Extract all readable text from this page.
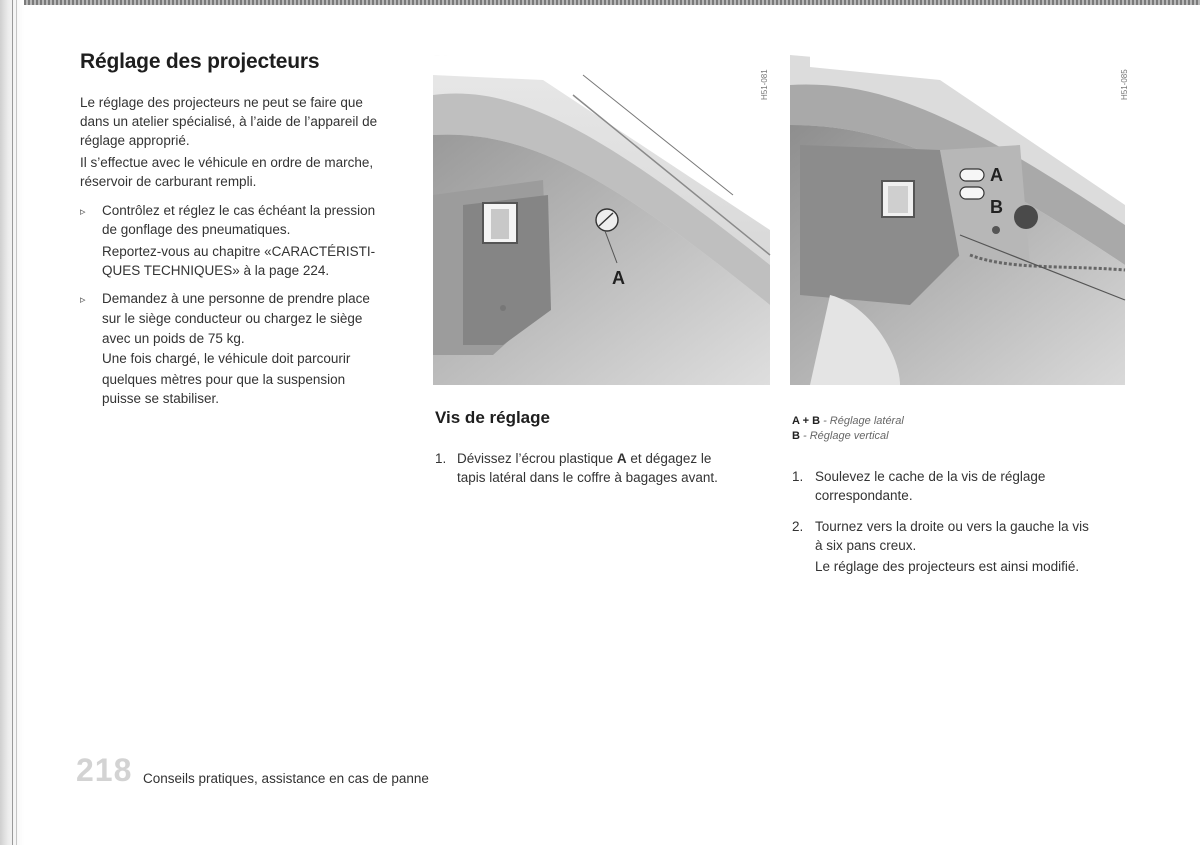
Réglage des projecteurs

Le réglage des projecteurs ne peut se faire que

dans un atelier spécialisé, à l’aide de l’appareil de

réglage approprié.

Il s’effectue avec le véhicule en ordre de marche,

réservoir de carburant rempli.

▹ Contrôlez et réglez le cas échéant la pression

de gonflage des pneumatiques.

Reportez-vous au chapitre «CARACTÉRISTI-

QUES TECHNIQUES» à la page 224.

▹ Demandez à une personne de prendre place

sur le siège conducteur ou chargez le siège

avec un poids de 75 kg.

Une fois chargé, le véhicule doit parcourir

quelques mètres pour que la suspension

puisse se stabiliser.

A
H51-081
A
B
H51-085
Vis de réglage
1. Dévissez l’écrou plastique A et dégagez le

tapis latéral dans le coffre à bagages avant.

A + B - Réglage latéral
B - Réglage vertical
1. Soulevez le cache de la vis de réglage

correspondante.

2. Tournez vers la droite ou vers la gauche la vis

à six pans creux.

Le réglage des projecteurs est ainsi modifié.

218 Conseils pratiques, assistance en cas de panne
